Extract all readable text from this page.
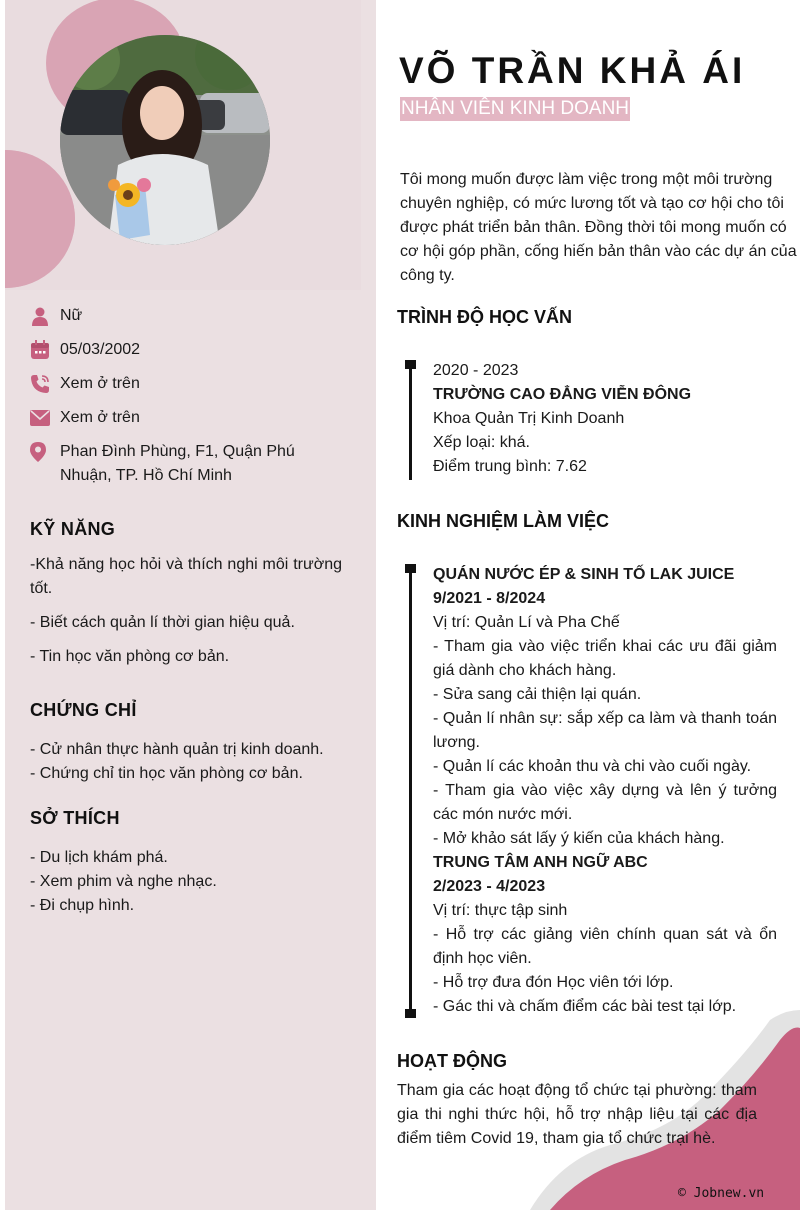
Nữ
05/03/2002
Xem ở trên
Xem ở trên
Phan Đình Phùng, F1, Quận Phú Nhuận, TP. Hồ Chí Minh
KỸ NĂNG
-Khả năng học hỏi và thích nghi môi trường tốt.
- Biết cách quản lí thời gian hiệu quả.
- Tin học văn phòng cơ bản.
CHỨNG CHỈ
- Cử nhân thực hành quản trị kinh doanh.
- Chứng chỉ tin học văn phòng cơ bản.
SỞ THÍCH
- Du lịch khám phá.
- Xem phim và nghe nhạc.
- Đi chụp hình.
VÕ TRẦN KHẢ ÁI
NHÂN VIÊN KINH DOANH
Tôi mong muốn được làm việc trong một môi trường chuyên nghiệp, có mức lương tốt và tạo cơ hội cho tôi được phát triển bản thân. Đồng thời tôi mong muốn có cơ hội góp phần, cống hiến bản thân vào các dự án của công ty.
TRÌNH ĐỘ HỌC VẤN
2020 - 2023
TRƯỜNG CAO ĐẲNG VIỄN ĐÔNG
Khoa Quản Trị Kinh Doanh
Xếp loại: khá.
Điểm trung bình: 7.62
KINH NGHIỆM LÀM VIỆC
QUÁN NƯỚC ÉP & SINH TỐ LAK JUICE
9/2021 - 8/2024
Vị trí: Quản Lí và Pha Chế
- Tham gia vào việc triển khai các ưu đãi giảm giá dành cho khách hàng.
- Sửa sang cải thiện lại quán.
- Quản lí nhân sự: sắp xếp ca làm và thanh toán lương.
- Quản lí các khoản thu và chi vào cuối ngày.
- Tham gia vào việc xây dựng và lên ý tưởng các món nước mới.
- Mở khảo sát lấy ý kiến của khách hàng.
TRUNG TÂM ANH NGỮ ABC
2/2023 - 4/2023
Vị trí: thực tập sinh
- Hỗ trợ các giảng viên chính quan sát và ổn định học viên.
- Hỗ trợ đưa đón Học viên tới lớp.
- Gác thi và chấm điểm các bài test tại lớp.
HOẠT ĐỘNG
Tham gia các hoạt động tổ chức tại phường: tham gia thi nghi thức hội, hỗ trợ nhập liệu tại các địa điểm tiêm Covid 19, tham gia tổ chức trại hè.
© Jobnew.vn
